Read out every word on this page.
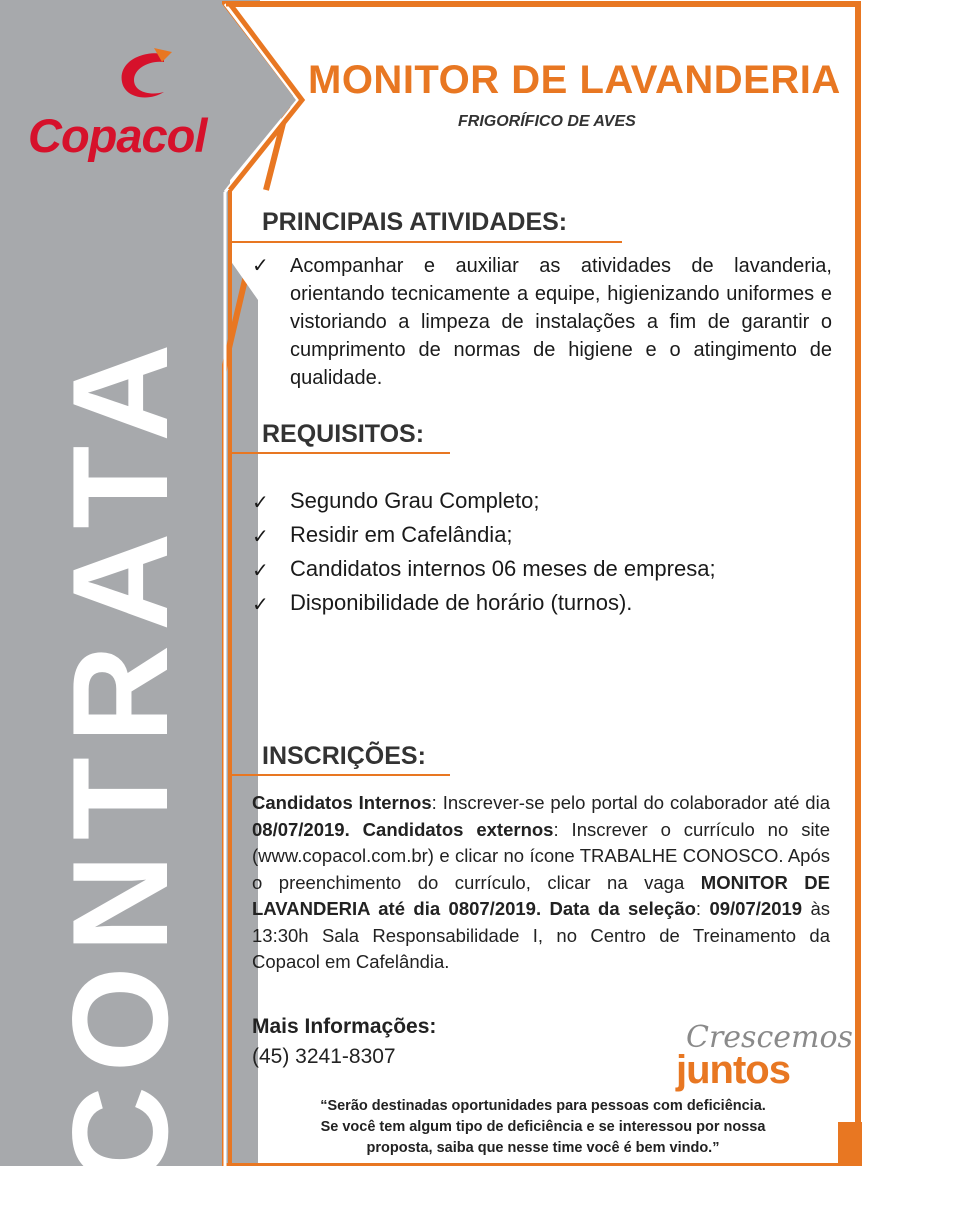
Copacol
CONTRATA
MONITOR DE LAVANDERIA
FRIGORÍFICO DE AVES
PRINCIPAIS ATIVIDADES:
✓ Acompanhar e auxiliar as atividades de lavanderia, orientando tecnicamente a equipe, higienizando uniformes e vistoriando a limpeza de instalações a fim de garantir o cumprimento de normas de higiene e o atingimento de qualidade.
REQUISITOS:
✓ Segundo Grau Completo;
✓ Residir em Cafelândia;
✓ Candidatos internos 06 meses de empresa;
✓ Disponibilidade de horário (turnos).
INSCRIÇÕES:
Candidatos Internos: Inscrever-se pelo portal do colaborador até dia 08/07/2019. Candidatos externos: Inscrever o currículo no site (www.copacol.com.br) e clicar no ícone TRABALHE CONOSCO. Após o preenchimento do currículo, clicar na vaga MONITOR DE LAVANDERIA até dia 0807/2019. Data da seleção: 09/07/2019 às 13:30h Sala Responsabilidade I, no Centro de Treinamento da Copacol em Cafelândia.
Mais Informações:
(45) 3241-8307
Crescemos
juntos
“Serão destinadas oportunidades para pessoas com deficiência.
Se você tem algum tipo de deficiência e se interessou por nossa
proposta, saiba que nesse time você é bem vindo.”
